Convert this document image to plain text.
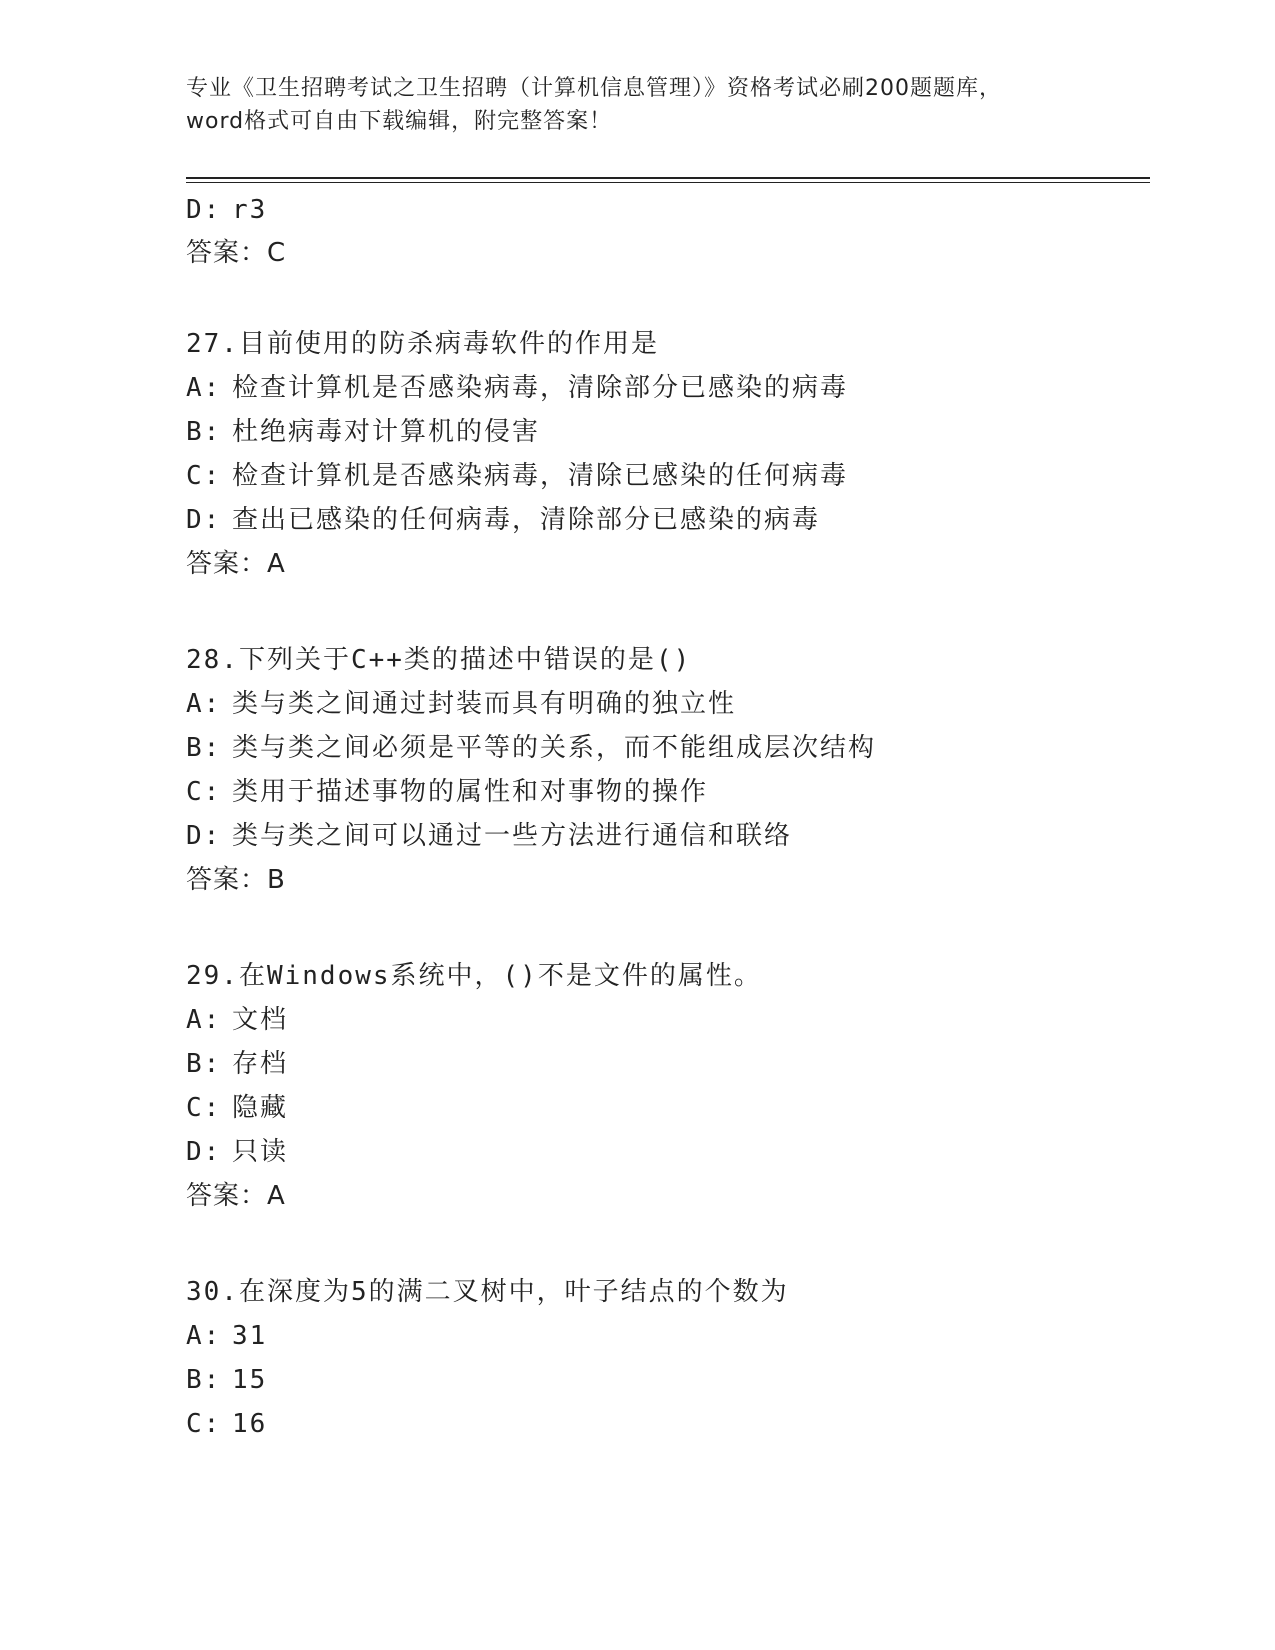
专业《卫生招聘考试之卫生招聘（计算机信息管理）》资格考试必刷200题题库，
word格式可自由下载编辑，附完整答案！
D: r3
答案：C
27.目前使用的防杀病毒软件的作用是
A: 检查计算机是否感染病毒，清除部分已感染的病毒
B: 杜绝病毒对计算机的侵害
C: 检查计算机是否感染病毒，清除已感染的任何病毒
D: 查出已感染的任何病毒，清除部分已感染的病毒
答案：A
28.下列关于C++类的描述中错误的是()
A: 类与类之间通过封装而具有明确的独立性
B: 类与类之间必须是平等的关系，而不能组成层次结构
C: 类用于描述事物的属性和对事物的操作
D: 类与类之间可以通过一些方法进行通信和联络
答案：B
29.在Windows系统中，()不是文件的属性。
A: 文档
B: 存档
C: 隐藏
D: 只读
答案：A
30.在深度为5的满二叉树中，叶子结点的个数为
A: 31
B: 15
C: 16
